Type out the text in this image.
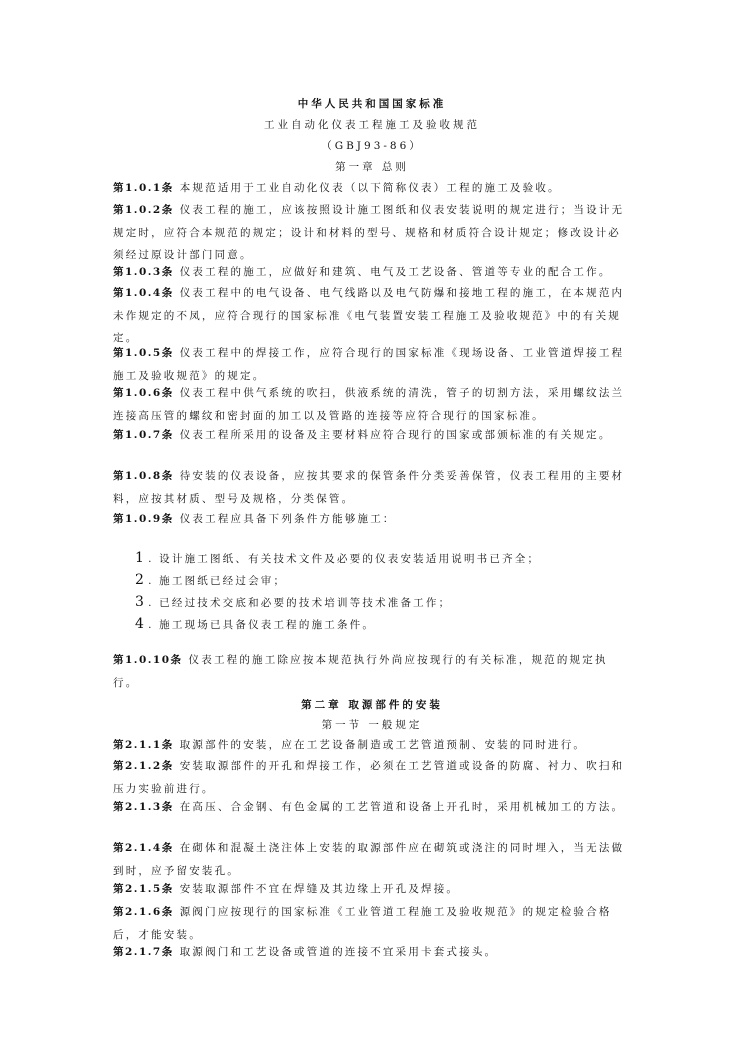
中华人民共和国国家标准
工业自动化仪表工程施工及验收规范
（GBJ93-86）
第一章 总则
第1.0.1条 本规范适用于工业自动化仪表（以下简称仪表）工程的施工及验收。
第1.0.2条 仪表工程的施工，应该按照设计施工图纸和仪表安装说明的规定进行；当设计无规定时，应符合本规范的规定；设计和材料的型号、规格和材质符合设计规定；修改设计必须经过原设计部门同意。
第1.0.3条 仪表工程的施工，应做好和建筑、电气及工艺设备、管道等专业的配合工作。
第1.0.4条 仪表工程中的电气设备、电气线路以及电气防爆和接地工程的施工，在本规范内未作规定的不凤，应符合现行的国家标准《电气装置安装工程施工及验收规范》中的有关规定。
第1.0.5条 仪表工程中的焊接工作，应符合现行的国家标准《现场设备、工业管道焊接工程施工及验收规范》的规定。
第1.0.6条 仪表工程中供气系统的吹扫，供液系统的清洗，管子的切割方法，采用螺纹法兰连接高压管的螺纹和密封面的加工以及管路的连接等应符合现行的国家标准。
第1.0.7条 仪表工程所采用的设备及主要材料应符合现行的国家或部颁标准的有关规定。
第1.0.8条 待安装的仪表设备，应按其要求的保管条件分类妥善保管，仪表工程用的主要材料，应按其材质、型号及规格，分类保管。
第1.0.9条 仪表工程应具备下列条件方能够施工：
1 . 设计施工图纸、有关技术文件及必要的仪表安装适用说明书已齐全；
2 . 施工图纸已经过会审；
3 . 已经过技术交底和必要的技术培训等技术准备工作；
4 . 施工现场已具备仪表工程的施工条件。
第1.0.10条 仪表工程的施工除应按本规范执行外尚应按现行的有关标准，规范的规定执行。
第二章 取源部件的安装
第一节 一般规定
第2.1.1条 取源部件的安装，应在工艺设备制造或工艺管道预制、安装的同时进行。
第2.1.2条 安装取源部件的开孔和焊接工作，必须在工艺管道或设备的防腐、衬力、吹扫和压力实验前进行。
第2.1.3条 在高压、合金钢、有色金属的工艺管道和设备上开孔时，采用机械加工的方法。
第2.1.4条 在砌体和混凝土浇注体上安装的取源部件应在砌筑或浇注的同时埋入，当无法做到时，应予留安装孔。
第2.1.5条 安装取源部件不宜在焊缝及其边缘上开孔及焊接。
第2.1.6条 源阀门应按现行的国家标准《工业管道工程施工及验收规范》的规定检验合格后，才能安装。
第2.1.7条 取源阀门和工艺设备或管道的连接不宜采用卡套式接头。
